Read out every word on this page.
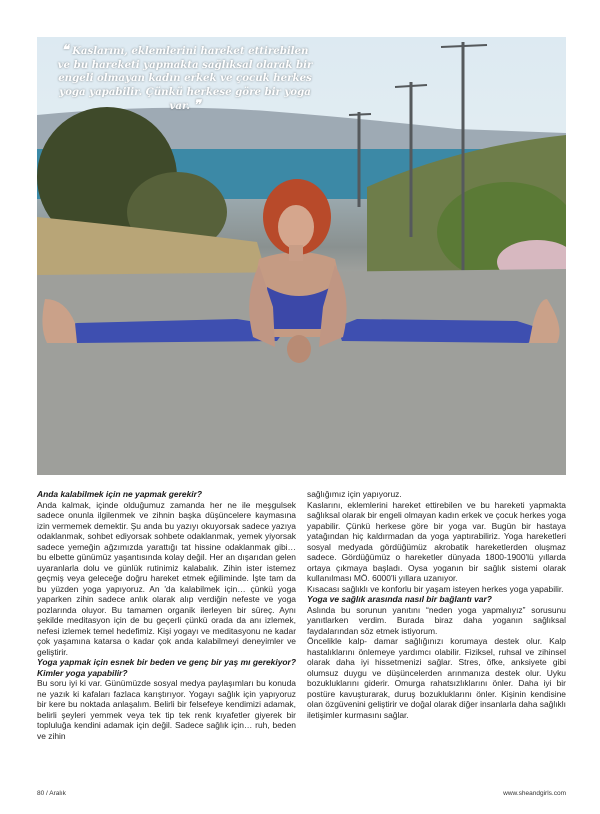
❝ Kaslarını, eklemlerini hareket ettirebilen ve bu hareketi yapmakta sağlıksal olarak bir engeli olmayan kadın erkek ve çocuk herkes yoga yapabilir. Çünkü herkese göre bir yoga var. ❞
Anda kalabilmek için ne yapmak gerekir?

Anda kalmak, içinde olduğumuz zamanda her ne ile meşgulsek sadece onunla ilgilenmek ve zihnin başka düşüncelere kaymasına izin vermemek demektir. Şu anda bu yazıyı okuyorsak sadece yazıya odaklanmak, sohbet ediyorsak sohbete odaklanmak, yemek yiyorsak sadece yemeğin ağzımızda yarattığı tat hissine odaklanmak gibi… bu elbette günümüz yaşantısında kolay değil. Her an dışarıdan gelen uyaranlarla dolu ve günlük rutinimiz kalabalık. Zihin ister istemez geçmiş veya geleceğe doğru hareket etmek eğiliminde. İşte tam da bu yüzden yoga yapıyoruz. An 'da kalabilmek için… çünkü yoga yaparken zihin sadece anlık olarak alıp verdiğin nefeste ve yoga pozlarında oluyor. Bu tamamen organik ilerleyen bir süreç. Aynı şekilde meditasyon için de bu geçerli çünkü orada da anı izlemek, nefesi izlemek temel hedefimiz. Kişi yogayı ve meditasyonu ne kadar çok yaşamına katarsa o kadar çok anda kalabilmeyi deneyimler ve geliştirir.

Yoga yapmak için esnek bir beden ve genç bir yaş mı gerekiyor? Kimler yoga yapabilir?

Bu soru iyi ki var. Günümüzde sosyal medya paylaşımları bu konuda ne yazık ki kafaları fazlaca karıştırıyor. Yogayı sağlık için yapıyoruz bir kere bu noktada anlaşalım. Belirli bir felsefeye kendimizi adamak, belirli şeyleri yemmek veya tek tip tek renk kıyafetler giyerek bir topluluğa kendini adamak için değil. Sadece sağlık için… ruh, beden ve zihin

sağlığımız için yapıyoruz.

Kaslarını, eklemlerini hareket ettirebilen ve bu hareketi yapmakta sağlıksal olarak bir engeli olmayan kadın erkek ve çocuk herkes yoga yapabilir. Çünkü herkese göre bir yoga var. Bugün bir hastaya yatağından hiç kaldırmadan da yoga yaptırabiliriz. Yoga hareketleri sosyal medyada gördüğümüz akrobatik hareketlerden oluşmaz sadece. Gördüğümüz o hareketler dünyada 1800-1900'lü yıllarda ortaya çıkmaya başladı. Oysa yoganın bir sağlık sistemi olarak kullanılması MÖ. 6000'li yıllara uzanıyor.

Kısacası sağlıklı ve konforlu bir yaşam isteyen herkes yoga yapabilir.

Yoga ve sağlık arasında nasıl bir bağlantı var?

Aslında bu sorunun yanıtını “neden yoga yapmalıyız” sorusunu yanıtlarken verdim. Burada biraz daha yoganın sağlıksal faydalarından söz etmek istiyorum.

Öncelikle kalp- damar sağlığınızı korumaya destek olur. Kalp hastalıklarını önlemeye yardımcı olabilir. Fiziksel, ruhsal ve zihinsel olarak daha iyi hissetmenizi sağlar. Stres, öfke, anksiyete gibi olumsuz duygu ve düşüncelerden arınmanıza destek olur. Uyku bozukluklarını giderir. Omurga rahatsızlıklarını önler. Daha iyi bir postüre kavuşturarak, duruş bozukluklarını önler. Kişinin kendisine olan özgüvenini geliştirir ve doğal olarak diğer insanlarla daha sağlıklı iletişimler kurmasını sağlar.

80 / Aralık	www.sheandgirls.com
